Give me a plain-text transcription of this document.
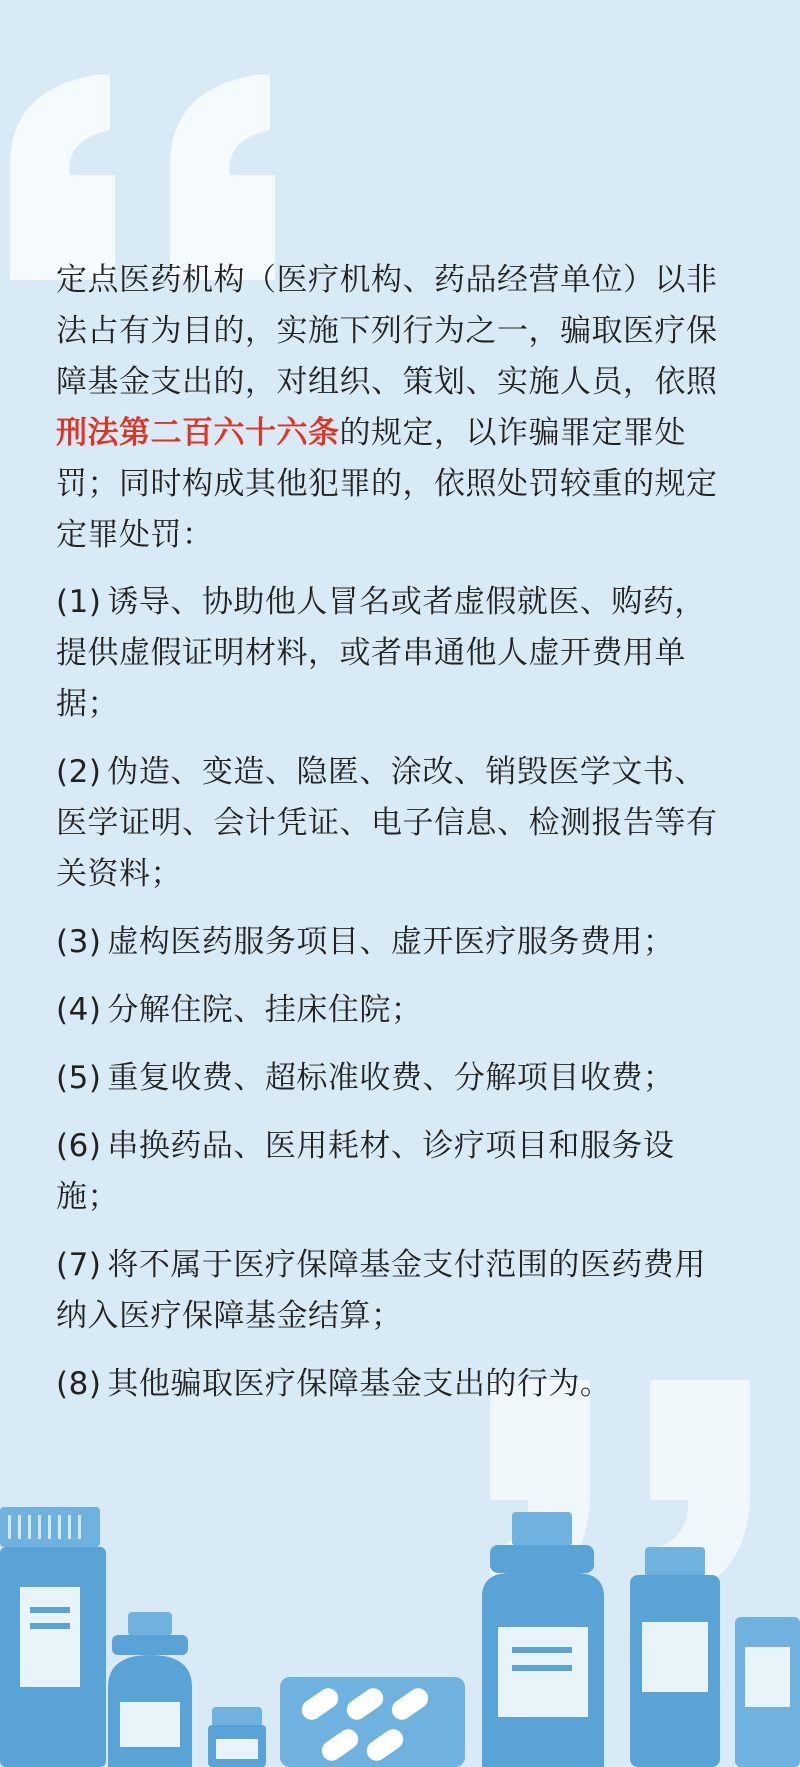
定点医药机构（医疗机构、药品经营单位）以非法占有为目的，实施下列行为之一，骗取医疗保障基金支出的，对组织、策划、实施人员，依照刑法第二百六十六条的规定，以诈骗罪定罪处罚；同时构成其他犯罪的，依照处罚较重的规定定罪处罚：

(1) 诱导、协助他人冒名或者虚假就医、购药，提供虚假证明材料，或者串通他人虚开费用单据；
(2) 伪造、变造、隐匿、涂改、销毁医学文书、医学证明、会计凭证、电子信息、检测报告等有关资料；
(3) 虚构医药服务项目、虚开医疗服务费用；
(4) 分解住院、挂床住院；
(5) 重复收费、超标准收费、分解项目收费；
(6) 串换药品、医用耗材、诊疗项目和服务设施；
(7) 将不属于医疗保障基金支付范围的医药费用纳入医疗保障基金结算；
(8) 其他骗取医疗保障基金支出的行为。
